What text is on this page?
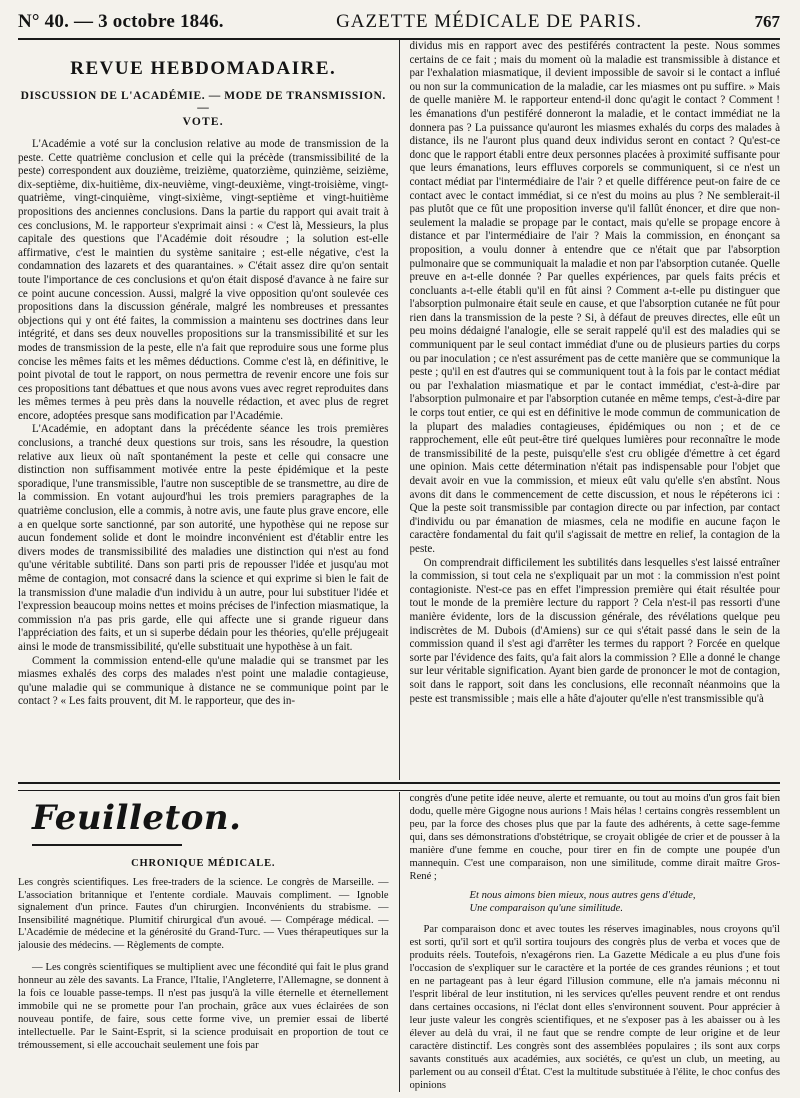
N° 40. — 3 octobre 1846.	GAZETTE MÉDICALE DE PARIS.	767
REVUE HEBDOMADAIRE.
DISCUSSION DE L'ACADÉMIE. — MODE DE TRANSMISSION. —
VOTE.

L'Académie a voté sur la conclusion relative au mode de transmission de la peste. Cette quatrième conclusion et celle qui la précède (transmissibilité de la peste) correspondent aux douzième, treizième, quatorzième, quinzième, seizième, dix-septième, dix-huitième, dix-neuvième, vingt-deuxième, vingt-troisième, vingt-quatrième, vingt-cinquième, vingt-sixième, vingt-septième et vingt-huitième propositions des anciennes conclusions. Dans la partie du rapport qui avait trait à ces conclusions, M. le rapporteur s'exprimait ainsi : « C'est là, Messieurs, la plus capitale des questions que l'Académie doit résoudre ; la solution est-elle affirmative, c'est le maintien du système sanitaire ; est-elle négative, c'est la condamnation des lazarets et des quarantaines. » C'était assez dire qu'on sentait toute l'importance de ces conclusions et qu'on était disposé d'avance à ne faire sur ce point aucune concession. Aussi, malgré la vive opposition qu'ont soulevée ces propositions dans la discussion générale, malgré les nombreuses et pressantes objections qui y ont été faites, la commission a maintenu ses doctrines dans leur intégrité, et dans ses deux nouvelles propositions sur la transmissibilité et sur les modes de transmission de la peste, elle n'a fait que reproduire sous une forme plus concise les mêmes faits et les mêmes déductions. Comme c'est là, en définitive, le point pivotal de tout le rapport, on nous permettra de revenir encore une fois sur ces propositions tant débattues et que nous avons vues avec regret reproduites dans les mêmes termes à peu près dans la nouvelle rédaction, et avec plus de regret encore, adoptées presque sans modification par l'Académie.

L'Académie, en adoptant dans la précédente séance les trois premières conclusions, a tranché deux questions sur trois, sans les résoudre, la question relative aux lieux où naît spontanément la peste et celle qui consacre une distinction non suffisamment motivée entre la peste épidémique et la peste sporadique, l'une transmissible, l'autre non susceptible de se transmettre, au dire de la commission. En votant aujourd'hui les trois premiers paragraphes de la quatrième conclusion, elle a commis, à notre avis, une faute plus grave encore, elle a en quelque sorte sanctionné, par son autorité, une hypothèse qui ne repose sur aucun fondement solide et dont le moindre inconvénient est d'établir entre les divers modes de transmissibilité des maladies une distinction qui n'est au fond qu'une véritable subtilité. Dans son parti pris de repousser l'idée et jusqu'au mot même de contagion, mot consacré dans la science et qui exprime si bien le fait de la transmission d'une maladie d'un individu à un autre, pour lui substituer l'idée et l'expression beaucoup moins nettes et moins précises de l'infection miasmatique, la commission n'a pas pris garde, elle qui affecte une si grande rigueur dans l'appréciation des faits, et un si superbe dédain pour les théories, qu'elle préjugeait ainsi le mode de transmissibilité, qu'elle substituait une hypothèse à un fait.

Comment la commission entend-elle qu'une maladie qui se transmet par les miasmes exhalés des corps des malades n'est point une maladie contagieuse, qu'une maladie qui se communique à distance ne se communique point par le contact ? « Les faits prouvent, dit M. le rapporteur, que des in-

dividus mis en rapport avec des pestiférés contractent la peste. Nous sommes certains de ce fait ; mais du moment où la maladie est transmissible à distance et par l'exhalation miasmatique, il devient impossible de savoir si le contact a influé ou non sur la communication de la maladie, car les miasmes ont pu suffire. » Mais de quelle manière M. le rapporteur entend-il donc qu'agit le contact ? Comment ! les émanations d'un pestiféré donneront la maladie, et le contact immédiat ne la donnera pas ? La puissance qu'auront les miasmes exhalés du corps des malades à distance, ils ne l'auront plus quand deux individus seront en contact ? Qu'est-ce donc que le rapport établi entre deux personnes placées à proximité suffisante pour que leurs émanations, leurs effluves corporels se communiquent, si ce n'est un contact médiat par l'intermédiaire de l'air ? et quelle différence peut-on faire de ce contact avec le contact immédiat, si ce n'est du moins au plus ? Ne semblerait-il pas plutôt que ce fût une proposition inverse qu'il fallût énoncer, et dire que non-seulement la maladie se propage par le contact, mais qu'elle se propage encore à distance et par l'intermédiaire de l'air ? Mais la commission, en énonçant sa proposition, a voulu donner à entendre que ce n'était que par l'absorption pulmonaire que se communiquait la maladie et non par l'absorption cutanée. Quelle preuve en a-t-elle donnée ? Par quelles expériences, par quels faits précis et concluants a-t-elle établi qu'il en fût ainsi ? Comment a-t-elle pu distinguer que l'absorption pulmonaire était seule en cause, et que l'absorption cutanée ne fût pour rien dans la transmission de la peste ? Si, à défaut de preuves directes, elle eût un peu moins dédaigné l'analogie, elle se serait rappelé qu'il est des maladies qui se communiquent par le seul contact immédiat d'une ou de plusieurs parties du corps ou par inoculation ; ce n'est assurément pas de cette manière que se communique la peste ; qu'il en est d'autres qui se communiquent tout à la fois par le contact médiat ou par l'exhalation miasmatique et par le contact immédiat, c'est-à-dire par l'absorption pulmonaire et par l'absorption cutanée en même temps, c'est-à-dire par le corps tout entier, ce qui est en définitive le mode commun de communication de la plupart des maladies contagieuses, épidémiques ou non ; et de ce rapprochement, elle eût peut-être tiré quelques lumières pour reconnaître le mode de transmissibilité de la peste, puisqu'elle s'est cru obligée d'émettre à cet égard une opinion. Mais cette détermination n'était pas indispensable pour l'objet que devait avoir en vue la commission, et mieux eût valu qu'elle s'en abstînt. Nous avons dit dans le commencement de cette discussion, et nous le répéterons ici : Que la peste soit transmissible par contagion directe ou par infection, par contact d'individu ou par émanation de miasmes, cela ne modifie en aucune façon le caractère fondamental du fait qu'il s'agissait de mettre en relief, la contagion de la peste.

On comprendrait difficilement les subtilités dans lesquelles s'est laissé entraîner la commission, si tout cela ne s'expliquait par un mot : la commission n'est point contagioniste. N'est-ce pas en effet l'impression première qui était résultée pour tout le monde de la première lecture du rapport ? Cela n'est-il pas ressorti d'une manière évidente, lors de la discussion générale, des révélations quelque peu indiscrètes de M. Dubois (d'Amiens) sur ce qui s'était passé dans le sein de la commission quand il s'est agi d'arrêter les termes du rapport ? Forcée en quelque sorte par l'évidence des faits, qu'a fait alors la commission ? Elle a donné le change sur leur véritable signification. Ayant bien garde de prononcer le mot de contagion, soit dans le rapport, soit dans les conclusions, elle reconnaît néanmoins que la peste est transmissible ; mais elle a hâte d'ajouter qu'elle n'est transmissible qu'à

Feuilleton.
CHRONIQUE MÉDICALE.

Les congrès scientifiques. Les free-traders de la science. Le congrès de Marseille. — L'association britannique et l'entente cordiale. Mauvais compliment. — Ignoble signalement d'un prince. Fautes d'un chirurgien. Inconvénients du strabisme. — Insensibilité magnétique. Plumitif chirurgical d'un avoué. — Compérage médical. — L'Académie de médecine et la générosité du Grand-Turc. — Vues thérapeutiques sur la jalousie des médecins. — Règlements de compte.

— Les congrès scientifiques se multiplient avec une fécondité qui fait le plus grand honneur au zèle des savants. La France, l'Italie, l'Angleterre, l'Allemagne, se donnent à la fois ce louable passe-temps. Il n'est pas jusqu'à la ville éternelle et éternellement immobile qui ne se promette pour l'an prochain, grâce aux vues éclairées de son nouveau pontife, de faire, sous cette forme vive, un premier essai de liberté intellectuelle. Par le Saint-Esprit, si la science produisait en proportion de tout ce trémoussement, si elle accouchait seulement une fois par

congrès d'une petite idée neuve, alerte et remuante, ou tout au moins d'un gros fait bien dodu, quelle mère Gigogne nous aurions ! Mais hélas ! certains congrès ressemblent un peu, par la force des choses plus que par la faute des adhérents, à cette sage-femme qui, dans ses démonstrations d'obstétrique, se croyait obligée de crier et de pousser à la manière d'une femme en couche, pour tirer en fin de compte une poupée d'un mannequin. C'est une comparaison, non une similitude, comme dirait maître Gros-René ;

Et nous aimons bien mieux, nous autres gens d'étude,
Une comparaison qu'une similitude.

Par comparaison donc et avec toutes les réserves imaginables, nous croyons qu'il est sorti, qu'il sort et qu'il sortira toujours des congrès plus de verba et voces que de produits réels. Toutefois, n'exagérons rien. La Gazette Médicale a eu plus d'une fois l'occasion de s'expliquer sur le caractère et la portée de ces grandes réunions ; et tout en ne partageant pas à leur égard l'illusion commune, elle n'a jamais méconnu ni l'esprit libéral de leur institution, ni les services qu'elles peuvent rendre et ont rendus dans certaines occasions, ni l'éclat dont elles s'environnent souvent. Pour apprécier à leur juste valeur les congrès scientifiques, et ne s'exposer pas à les abaisser ou à les élever au delà du vrai, il ne faut que se rendre compte de leur origine et de leur caractère distinctif. Les congrès sont des assemblées populaires ; ils sont aux corps savants constitués aux académies, aux sociétés, ce qu'est un club, un meeting, au parlement ou au conseil d'État. C'est la multitude substituée à l'élite, le choc confus des opinions
